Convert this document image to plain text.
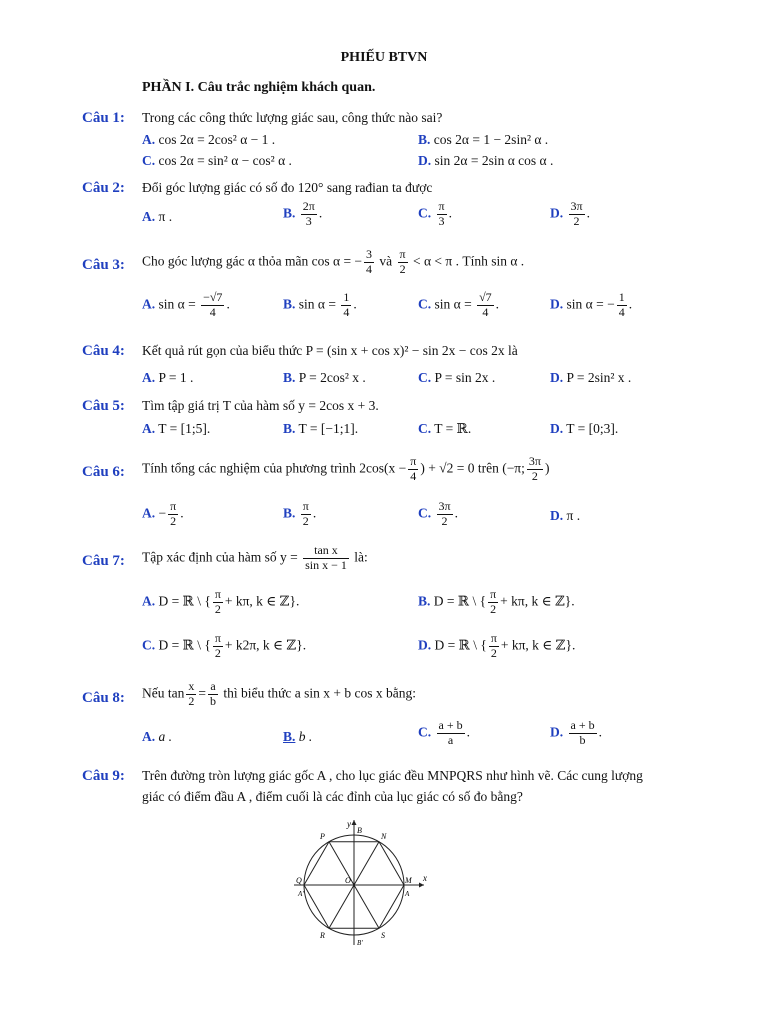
PHIẾU BTVN
PHẦN I. Câu trắc nghiệm khách quan.
Câu 1: Trong các công thức lượng giác sau, công thức nào sai?
A. cos 2α = 2cos² α − 1 .	B. cos 2α = 1 − 2sin² α .
C. cos 2α = sin² α − cos² α .	D. sin 2α = 2sin α cos α .
Câu 2: Đổi góc lượng giác có số đo 120° sang rađian ta được
A. π .	B. $\frac{2\pi}{3}$ .	C. $\frac{\pi}{3}$ .	D. $\frac{3\pi}{2}$ .
Câu 3: Cho góc lượng gác α thỏa mãn cos α = − $\frac{3}{4}$ và $\frac{\pi}{2} < \alpha < \pi$ . Tính sin α .
A. $\sin \alpha = \frac{-√7}{4}$ .	B. $\sin \alpha = \frac{1}{4}$ .	C. $\sin \alpha = \frac{√7}{4}$ .	D. sin α = − $\frac{1}{4}$ .
Câu 4: Kết quả rút gọn của biểu thức P = (sin x + cos x)² − sin 2x − cos 2x là
A. P = 1 .	B. P = 2cos² x .	C. P = sin 2x .	D. P = 2sin² x .
Câu 5: Tìm tập giá trị T của hàm số y = 2cos x + 3.
A. T = [1;5].	B. T = [−1;1].	C. T = ℝ.	D. T = [0;3].
Câu 6: Tính tổng các nghiệm của phương trình $2\cos(x - \frac{\pi}{4}$ ) + √2 = 0 trên (−π; $\frac{3\pi}{2}$ )
A. − $\frac{\pi}{2}$ .	B. $\frac{\pi}{2}$ .	C. $\frac{3\pi}{2}$ .	D. π .
Câu 7: Tập xác định của hàm số $y = \frac{\text{tan x}}{\text{sin x − 1}}$ là:
A. D = ℝ \ { $\frac{\pi}{2} + k\pi$, k ∈ ℤ}.	B. D = ℝ \ { $\frac{\pi}{2} + k\pi$, k ∈ ℤ}.
C. D = ℝ \ { $\frac{\pi}{2} + k2\pi$, k ∈ ℤ}.	D. D = ℝ \ { $\frac{\pi}{2} + k\pi$, k ∈ ℤ}.
Câu 8: Nếu $\tan \frac{x}{2} = \frac{a}{b}$ thì biểu thức a sin x + b cos x bằng:
A. a .	B. b .	C. $\frac{a + b}{a}$ .	D. $\frac{a + b}{b}$ .
Câu 9: Trên đường tròn lượng giác gốc A , cho lục giác đều MNPQRS như hình vẽ. Các cung lượng
giác có điểm đầu A , điểm cuối là các đỉnh của lục giác có số đo bằng?
y
x
P
B
N
Q	O	M
A'	A
R	S
B'
